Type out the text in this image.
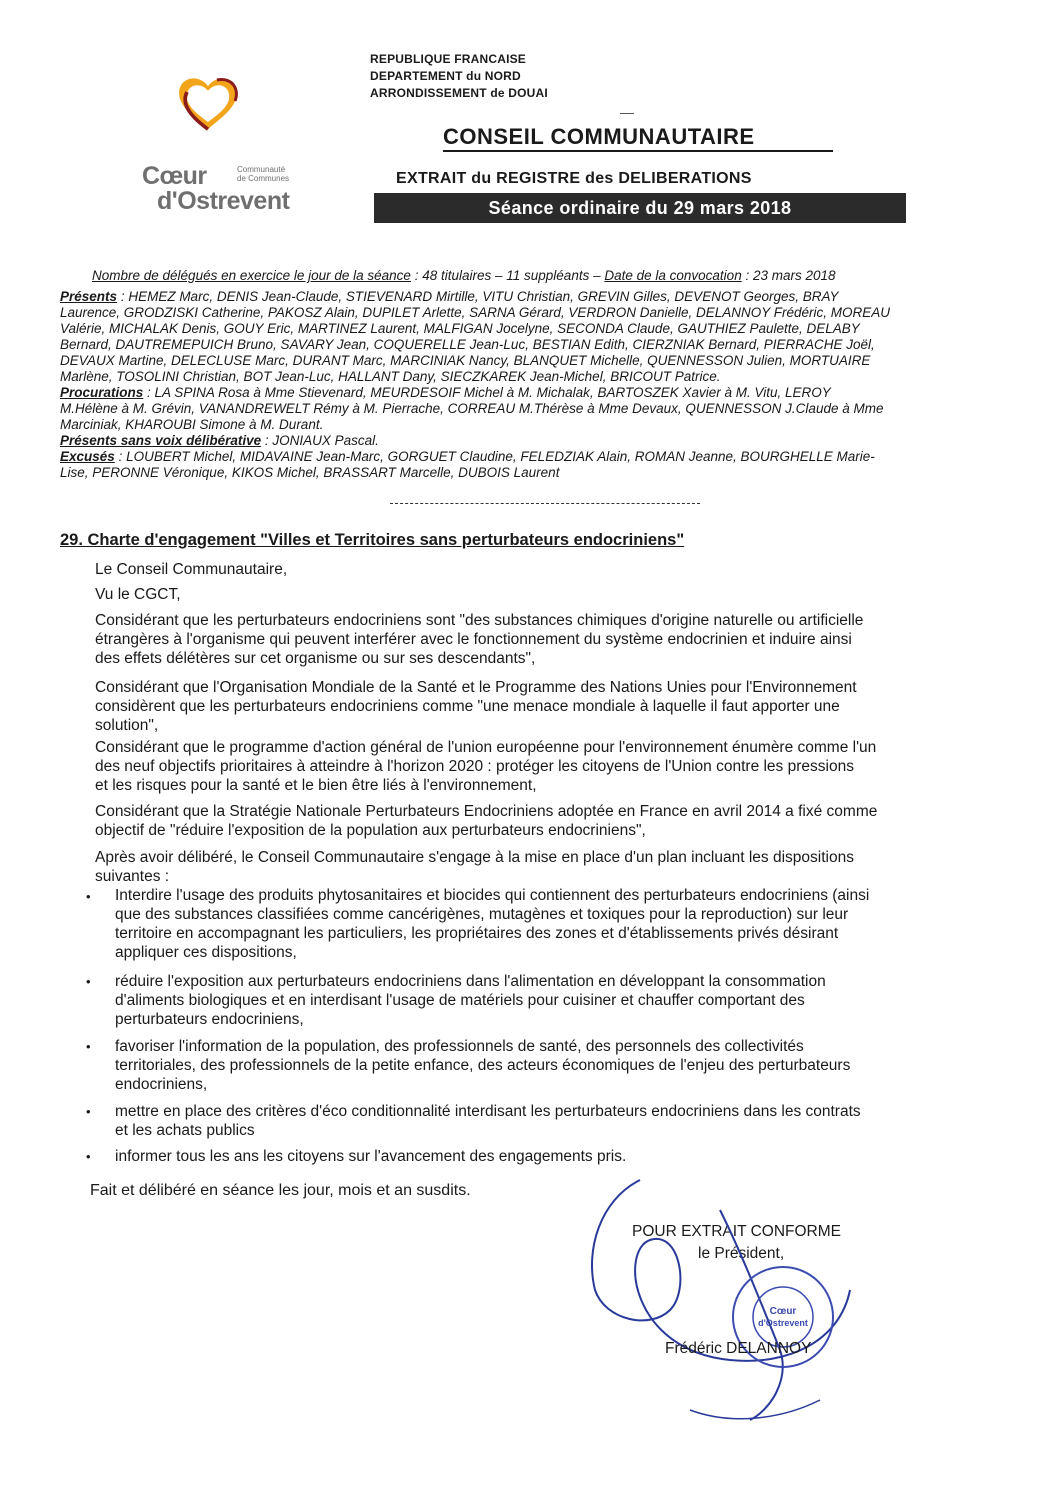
Cœur	Communauté
de Communes
d'Ostrevent
REPUBLIQUE FRANCAISE
DEPARTEMENT du NORD
ARRONDISSEMENT de DOUAI
CONSEIL COMMUNAUTAIRE
EXTRAIT du REGISTRE des DELIBERATIONS
Séance ordinaire du 29 mars 2018
Nombre de délégués en exercice le jour de la séance : 48 titulaires – 11 suppléants – Date de la convocation : 23 mars 2018
Présents : HEMEZ Marc, DENIS Jean-Claude, STIEVENARD Mirtille, VITU Christian, GREVIN Gilles, DEVENOT Georges, BRAY
Laurence, GRODZISKI Catherine, PAKOSZ Alain, DUPILET Arlette, SARNA Gérard, VERDRON Danielle, DELANNOY Frédéric, MOREAU
Valérie, MICHALAK Denis, GOUY Eric, MARTINEZ Laurent, MALFIGAN Jocelyne, SECONDA Claude, GAUTHIEZ Paulette, DELABY
Bernard, DAUTREMEPUICH Bruno, SAVARY Jean, COQUERELLE Jean-Luc, BESTIAN Edith, CIERZNIAK Bernard, PIERRACHE Joël,
DEVAUX Martine, DELECLUSE Marc, DURANT Marc, MARCINIAK Nancy, BLANQUET Michelle, QUENNESSON Julien, MORTUAIRE
Marlène, TOSOLINI Christian, BOT Jean-Luc, HALLANT Dany, SIECZKAREK Jean-Michel, BRICOUT Patrice.
Procurations : LA SPINA Rosa à Mme Stievenard, MEURDESOIF Michel à M. Michalak, BARTOSZEK Xavier à M. Vitu, LEROY
M.Hélène à M. Grévin, VANANDREWELT Rémy à M. Pierrache, CORREAU M.Thérèse à Mme Devaux, QUENNESSON J.Claude à Mme
Marciniak, KHAROUBI Simone à M. Durant.
Présents sans voix délibérative : JONIAUX Pascal.
Excusés : LOUBERT Michel, MIDAVAINE Jean-Marc, GORGUET Claudine, FELEDZIAK Alain, ROMAN Jeanne, BOURGHELLE Marie-
Lise, PERONNE Véronique, KIKOS Michel, BRASSART Marcelle, DUBOIS Laurent
29. Charte d'engagement "Villes et Territoires sans perturbateurs endocriniens"
Le Conseil Communautaire,
Vu le CGCT,
Considérant que les perturbateurs endocriniens sont "des substances chimiques d'origine naturelle ou artificielle
étrangères à l'organisme qui peuvent interférer avec le fonctionnement du système endocrinien et induire ainsi
des effets délétères sur cet organisme ou sur ses descendants",
Considérant que l'Organisation Mondiale de la Santé et le Programme des Nations Unies pour l'Environnement
considèrent que les perturbateurs endocriniens comme "une menace mondiale à laquelle il faut apporter une
solution",
Considérant que le programme d'action général de l'union européenne pour l'environnement énumère comme l'un
des neuf objectifs prioritaires à atteindre à l'horizon 2020 : protéger les citoyens de l'Union contre les pressions
et les risques pour la santé et le bien être liés à l'environnement,
Considérant que la Stratégie Nationale Perturbateurs Endocriniens adoptée en France en avril 2014 a fixé comme
objectif de "réduire l'exposition de la population aux perturbateurs endocriniens",
Après avoir délibéré, le Conseil Communautaire s'engage à la mise en place d'un plan incluant les dispositions
suivantes :
• Interdire l'usage des produits phytosanitaires et biocides qui contiennent des perturbateurs endocriniens (ainsi
que des substances classifiées comme cancérigènes, mutagènes et toxiques pour la reproduction) sur leur
territoire en accompagnant les particuliers, les propriétaires des zones et d'établissements privés désirant
appliquer ces dispositions,
• réduire l'exposition aux perturbateurs endocriniens dans l'alimentation en développant la consommation
d'aliments biologiques et en interdisant l'usage de matériels pour cuisiner et chauffer comportant des
perturbateurs endocriniens,
• favoriser l'information de la population, des professionnels de santé, des personnels des collectivités
territoriales, des professionnels de la petite enfance, des acteurs économiques de l'enjeu des perturbateurs
endocriniens,
• mettre en place des critères d'éco conditionnalité interdisant les perturbateurs endocriniens dans les contrats
et les achats publics
• informer tous les ans les citoyens sur l'avancement des engagements pris.
Fait et délibéré en séance les jour, mois et an susdits.
POUR EXTRAIT CONFORME
le Président,
Cœur
d'Ostrevent
Frédéric DELANNOY
